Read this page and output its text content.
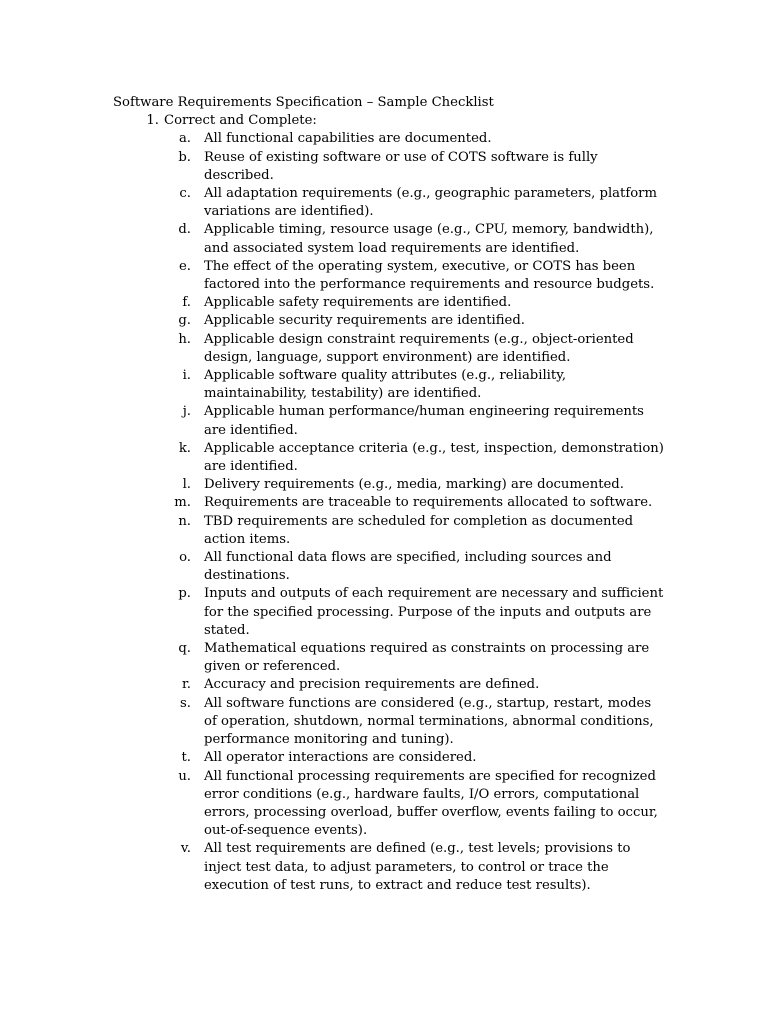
Software Requirements Specification – Sample Checklist
1. Correct and Complete:
a. All functional capabilities are documented.
b. Reuse of existing software or use of COTS software is fully described.
c. All adaptation requirements (e.g., geographic parameters, platform variations are identified).
d. Applicable timing, resource usage (e.g., CPU, memory, bandwidth), and associated system load requirements are identified.
e. The effect of the operating system, executive, or COTS has been factored into the performance requirements and resource budgets.
f. Applicable safety requirements are identified.
g. Applicable security requirements are identified.
h. Applicable design constraint requirements (e.g., object-oriented design, language, support environment) are identified.
i. Applicable software quality attributes (e.g., reliability, maintainability, testability) are identified.
j. Applicable human performance/human engineering requirements are identified.
k. Applicable acceptance criteria (e.g., test, inspection, demonstration) are identified.
l. Delivery requirements (e.g., media, marking) are documented.
m. Requirements are traceable to requirements allocated to software.
n. TBD requirements are scheduled for completion as documented action items.
o. All functional data flows are specified, including sources and destinations.
p. Inputs and outputs of each requirement are necessary and sufficient for the specified processing. Purpose of the inputs and outputs are stated.
q. Mathematical equations required as constraints on processing are given or referenced.
r. Accuracy and precision requirements are defined.
s. All software functions are considered (e.g., startup, restart, modes of operation, shutdown, normal terminations, abnormal conditions, performance monitoring and tuning).
t. All operator interactions are considered.
u. All functional processing requirements are specified for recognized error conditions (e.g., hardware faults, I/O errors, computational errors, processing overload, buffer overflow, events failing to occur, out-of-sequence events).
v. All test requirements are defined (e.g., test levels; provisions to inject test data, to adjust parameters, to control or trace the execution of test runs, to extract and reduce test results).
